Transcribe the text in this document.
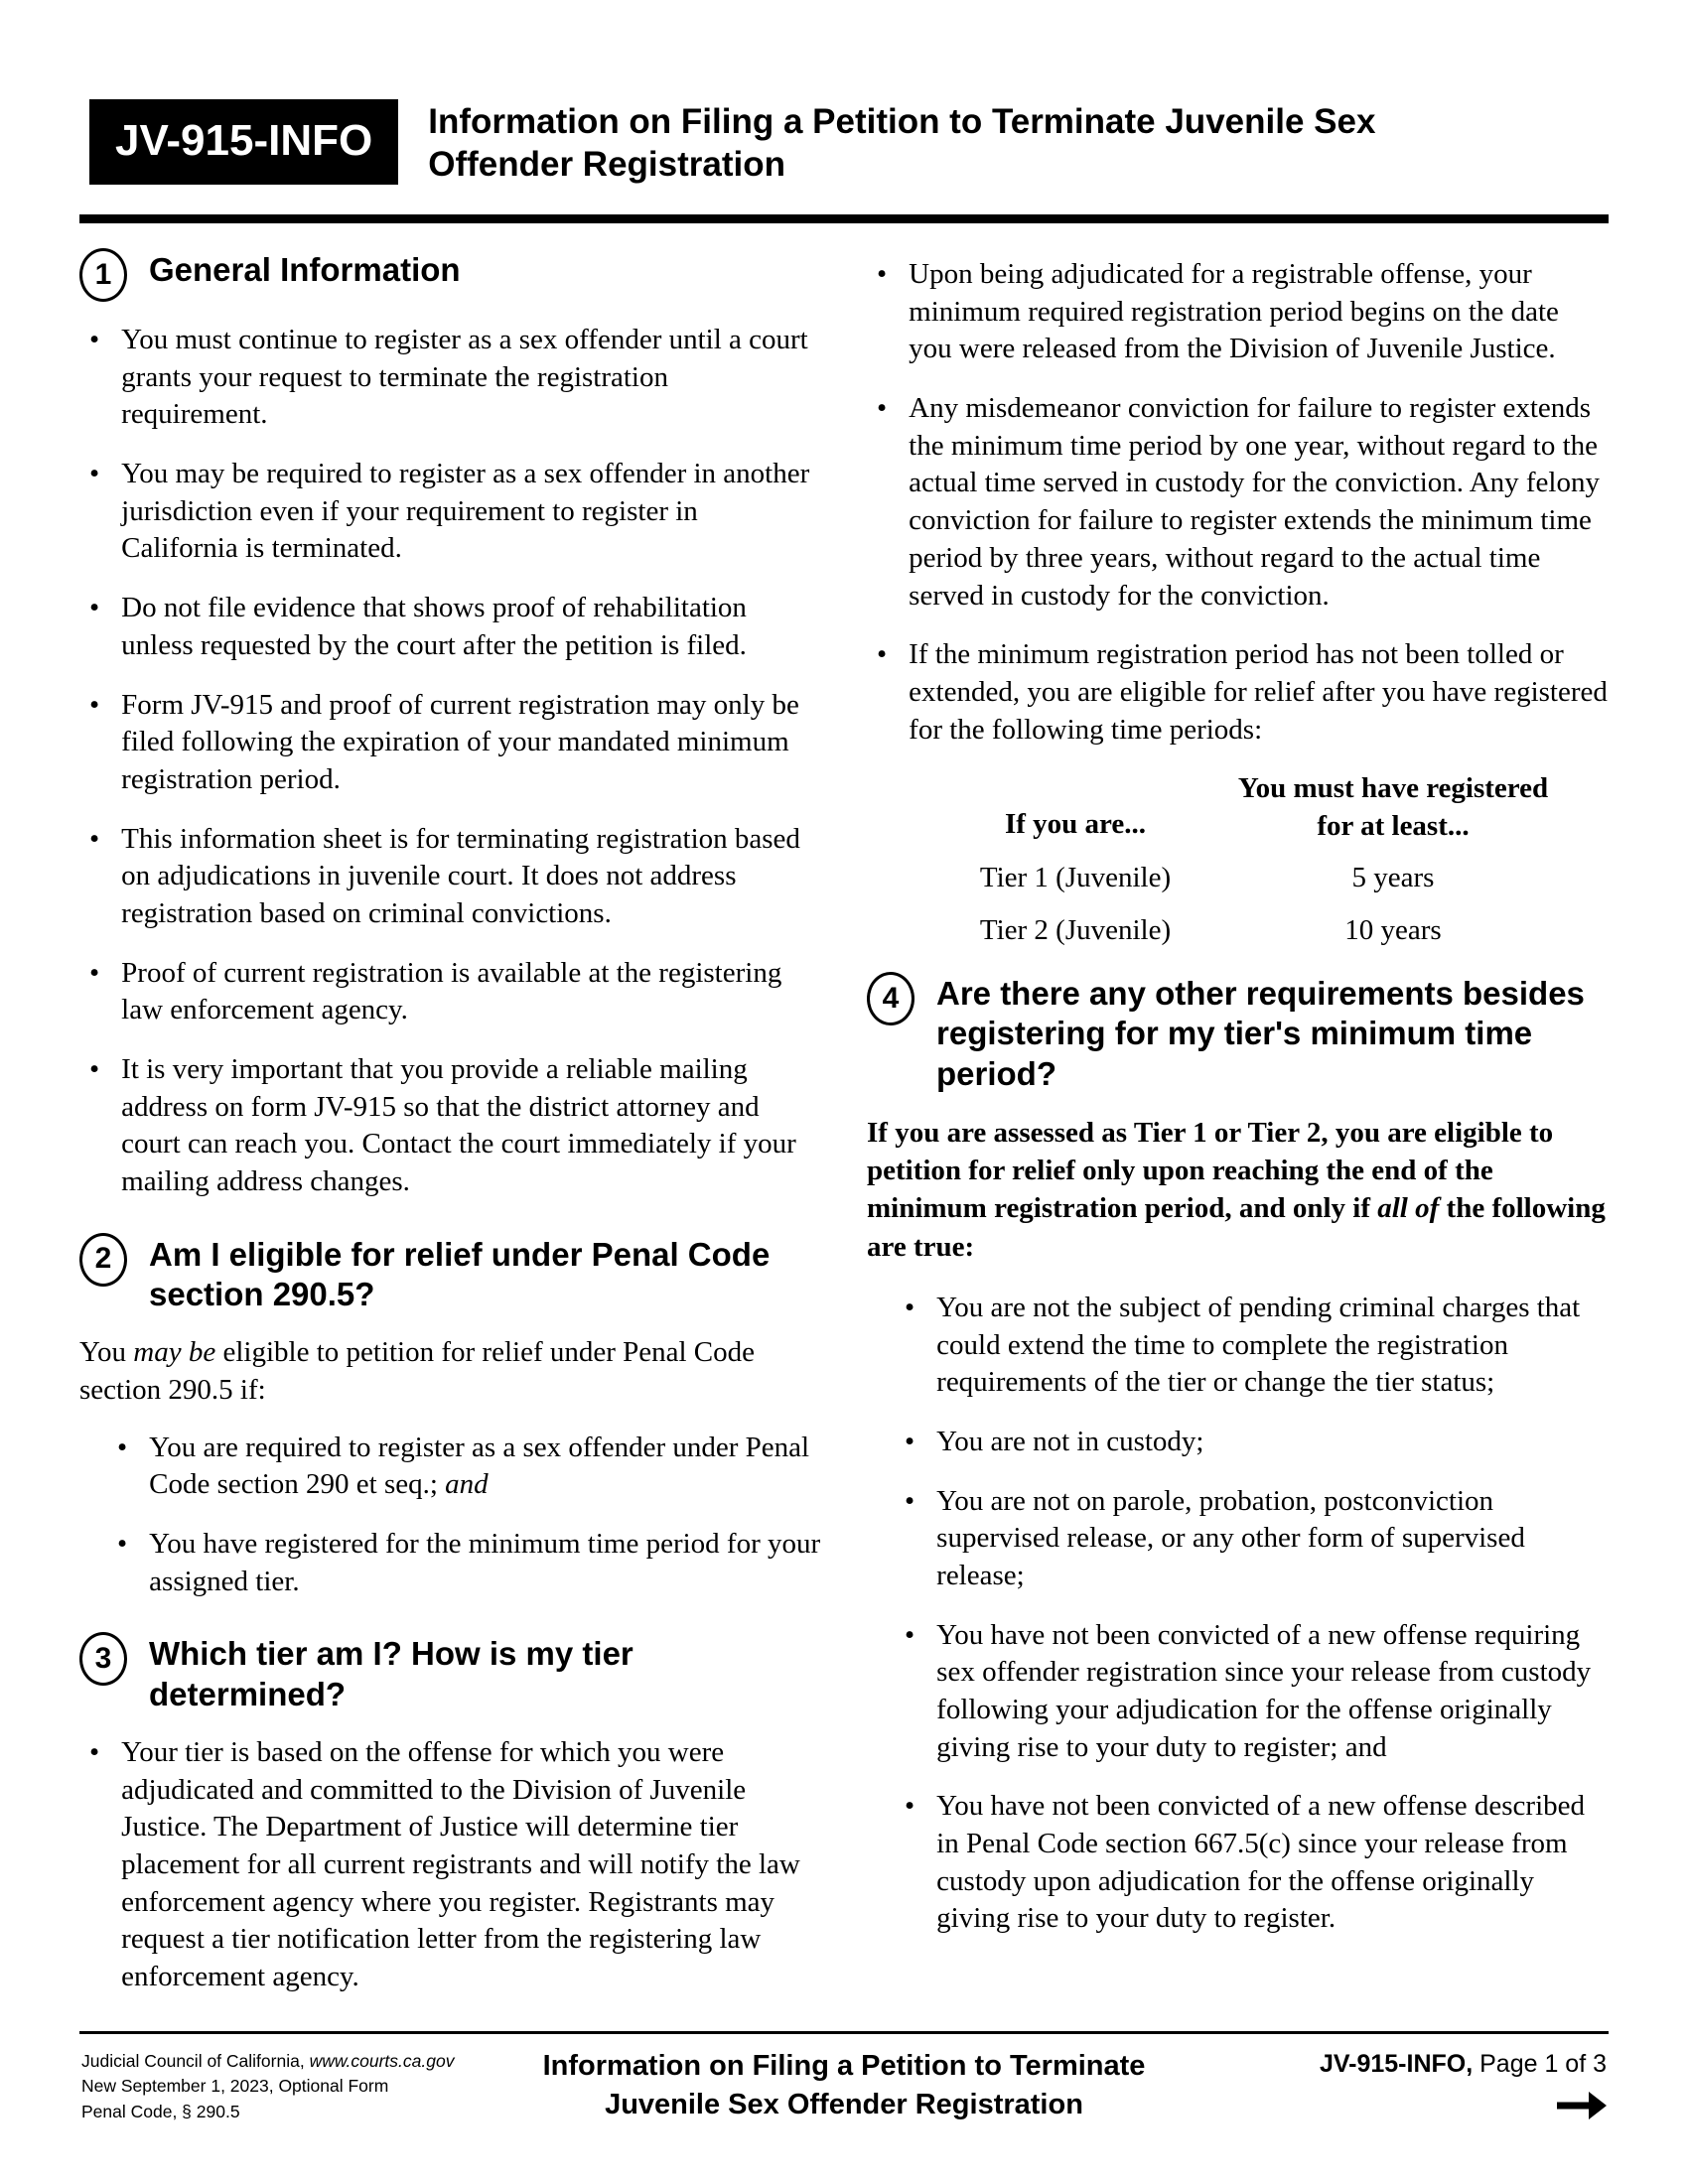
JV-915-INFO	Information on Filing a Petition to Terminate Juvenile Sex Offender Registration
1	General Information
• You must continue to register as a sex offender until a court grants your request to terminate the registration requirement.
• You may be required to register as a sex offender in another jurisdiction even if your requirement to register in California is terminated.
• Do not file evidence that shows proof of rehabilitation unless requested by the court after the petition is filed.
• Form JV-915 and proof of current registration may only be filed following the expiration of your mandated minimum registration period.
• This information sheet is for terminating registration based on adjudications in juvenile court. It does not address registration based on criminal convictions.
• Proof of current registration is available at the registering law enforcement agency.
• It is very important that you provide a reliable mailing address on form JV-915 so that the district attorney and court can reach you. Contact the court immediately if your mailing address changes.
2	Am I eligible for relief under Penal Code section 290.5?
You may be eligible to petition for relief under Penal Code section 290.5 if:
• You are required to register as a sex offender under Penal Code section 290 et seq.; and
• You have registered for the minimum time period for your assigned tier.
3	Which tier am I? How is my tier determined?
• Your tier is based on the offense for which you were adjudicated and committed to the Division of Juvenile Justice. The Department of Justice will determine tier placement for all current registrants and will notify the law enforcement agency where you register. Registrants may request a tier notification letter from the registering law enforcement agency.
• Upon being adjudicated for a registrable offense, your minimum required registration period begins on the date you were released from the Division of Juvenile Justice.
• Any misdemeanor conviction for failure to register extends the minimum time period by one year, without regard to the actual time served in custody for the conviction. Any felony conviction for failure to register extends the minimum time period by three years, without regard to the actual time served in custody for the conviction.
• If the minimum registration period has not been tolled or extended, you are eligible for relief after you have registered for the following time periods:
If you are...
You must have registered for at least...
Tier 1 (Juvenile)	5 years
Tier 2 (Juvenile)	10 years
4	Are there any other requirements besides registering for my tier's minimum time period?
If you are assessed as Tier 1 or Tier 2, you are eligible to petition for relief only upon reaching the end of the minimum registration period, and only if all of the following are true:
• You are not the subject of pending criminal charges that could extend the time to complete the registration requirements of the tier or change the tier status;
• You are not in custody;
• You are not on parole, probation, postconviction supervised release, or any other form of supervised release;
• You have not been convicted of a new offense requiring sex offender registration since your release from custody following your adjudication for the offense originally giving rise to your duty to register; and
• You have not been convicted of a new offense described in Penal Code section 667.5(c) since your release from custody upon adjudication for the offense originally giving rise to your duty to register.
Judicial Council of California, www.courts.ca.gov
New September 1, 2023, Optional Form
Penal Code, § 290.5
Information on Filing a Petition to Terminate Juvenile Sex Offender Registration
JV-915-INFO, Page 1 of 3
